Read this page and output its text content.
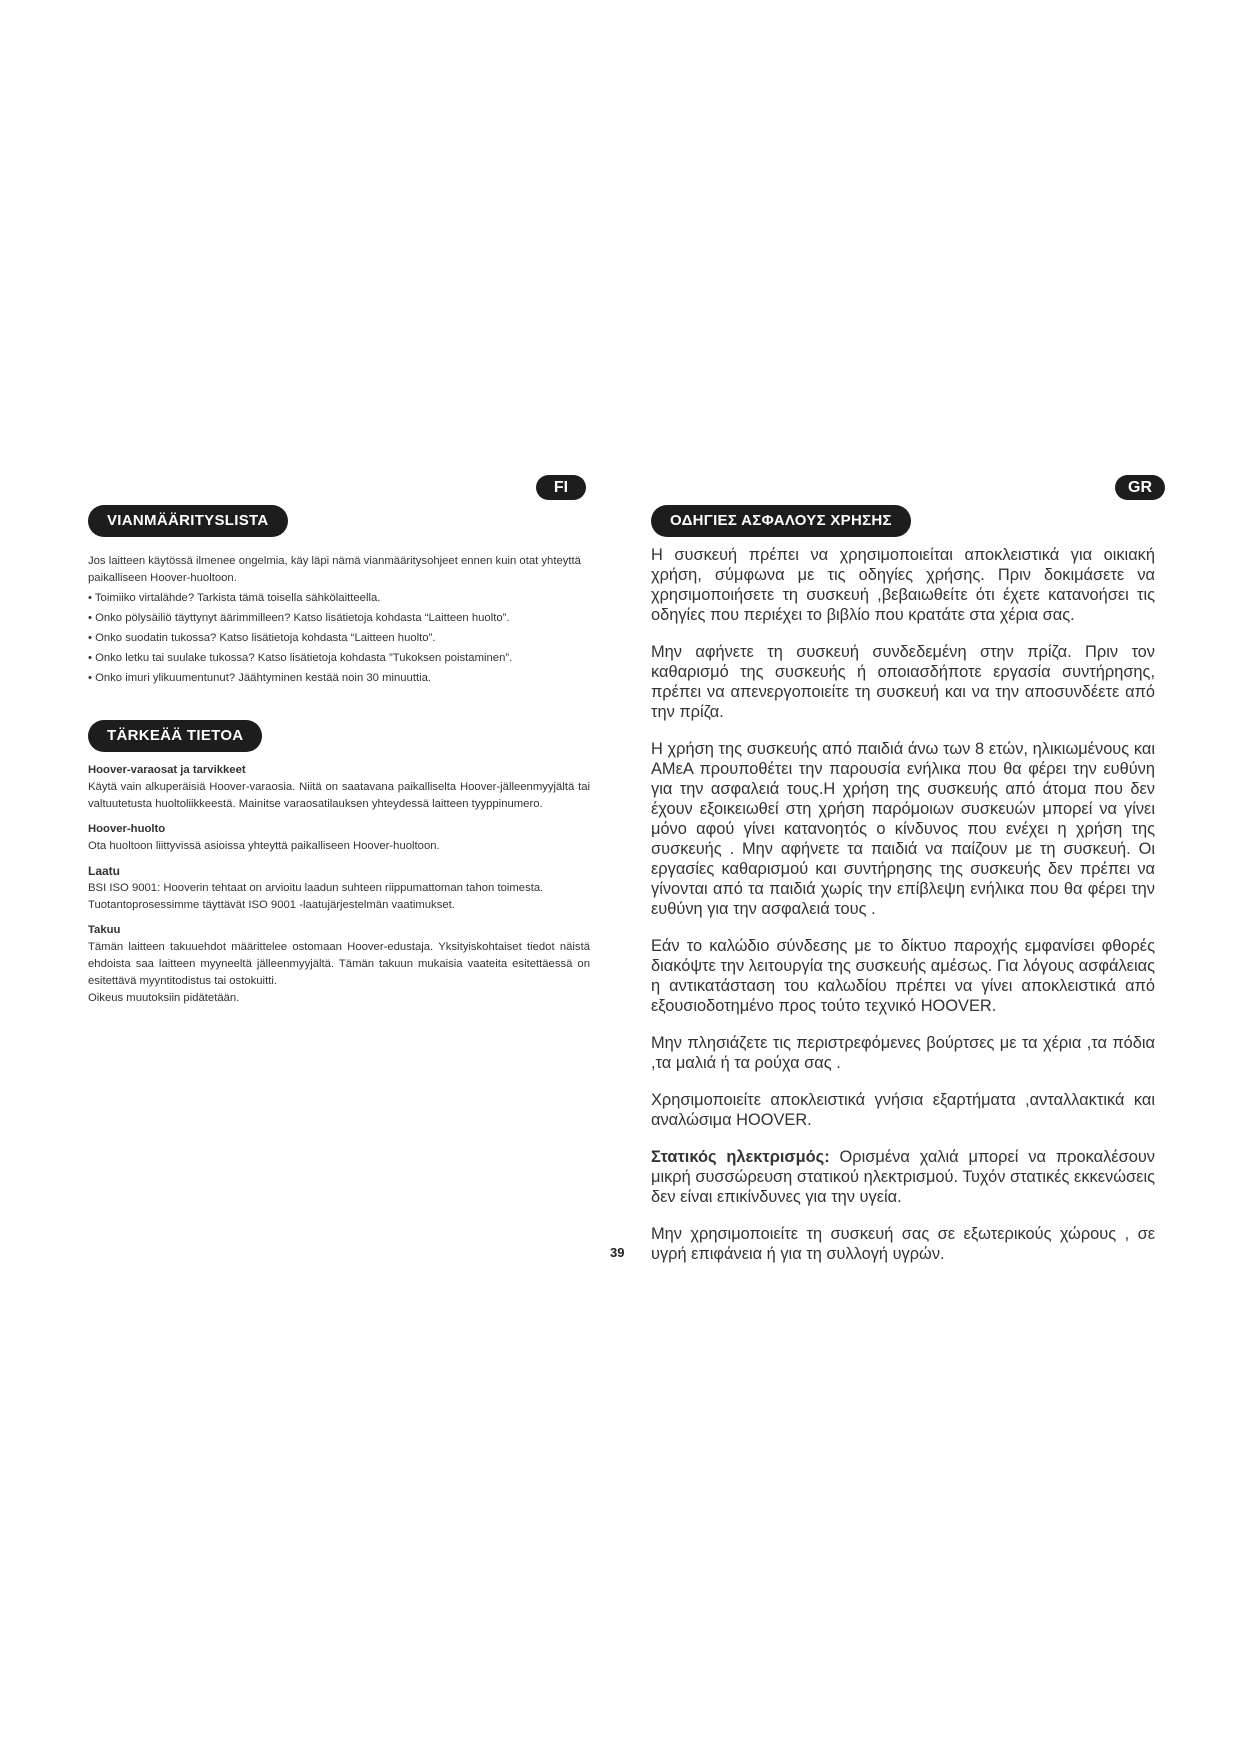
FI	GR
VIANMÄÄRITYSLISTA

Jos laitteen käytössä ilmenee ongelmia, käy läpi nämä vianmääritysohjeet ennen kuin otat yhteyttä paikalliseen Hoover-huoltoon.

• Toimiiko virtalähde? Tarkista tämä toisella sähkölaitteella.
• Onko pölysäiliö täyttynyt äärimmilleen? Katso lisätietoja kohdasta “Laitteen huolto”.
• Onko suodatin tukossa? Katso lisätietoja kohdasta “Laitteen huolto”.
• Onko letku tai suulake tukossa? Katso lisätietoja kohdasta ”Tukoksen poistaminen”.
• Onko imuri ylikuumentunut? Jäähtyminen kestää noin 30 minuuttia.
TÄRKEÄÄ TIETOA

Hoover-varaosat ja tarvikkeet

Käytä vain alkuperäisiä Hoover-varaosia. Niitä on saatavana paikalliselta Hoover-jälleenmyyjältä tai valtuutetusta huoltoliikkeestä. Mainitse varaosatilauksen yhteydessä laitteen tyyppinumero.

Hoover-huolto

Ota huoltoon liittyvissä asioissa yhteyttä paikalliseen Hoover-huoltoon.

Laatu

BSI ISO 9001: Hooverin tehtaat on arvioitu laadun suhteen riippumattoman tahon toimesta.

Tuotantoprosessimme täyttävät ISO 9001 -laatujärjestelmän vaatimukset.

Takuu

Tämän laitteen takuuehdot määrittelee ostomaan Hoover-edustaja. Yksityiskohtaiset tiedot näistä ehdoista saa laitteen myyneeltä jälleenmyyjältä. Tämän takuun mukaisia vaateita esitettäessä on esitettävä myyntitodistus tai ostokuitti.

Oikeus muutoksiin pidätetään.

ΟΔΗΓΙΕΣ ΑΣΦΑΛΟΥΣ ΧΡΗΣΗΣ

Η συσκευή πρέπει να χρησιμοποιείται αποκλειστικά για οικιακή χρήση, σύμφωνα με τις οδηγίες χρήσης. Πριν δοκιμάσετε να χρησιμοποιήσετε τη συσκευή ,βεβαιωθείτε ότι έχετε κατανοήσει τις οδηγίες που περιέχει το βιβλίο που κρατάτε στα χέρια σας.

Μην αφήνετε τη συσκευή συνδεδεμένη στην πρίζα. Πριν τον καθαρισμό της συσκευής ή οποιασδήποτε εργασία συντήρησης, πρέπει να απενεργοποιείτε τη συσκευή και να την αποσυνδέετε από την πρίζα.

Η χρήση της συσκευής από παιδιά άνω των 8 ετών, ηλικιωμένους και ΑΜεΑ προυποθέτει την παρουσία ενήλικα που θα φέρει την ευθύνη για την ασφαλειά τους.Η χρήση της συσκευής από άτομα που δεν έχουν εξοικειωθεί στη χρήση παρόμοιων συσκευών μπορεί να γίνει μόνο αφού γίνει κατανοητός ο κίνδυνος που ενέχει η χρήση της συσκευής . Μην αφήνετε τα παιδιά να παίζουν με τη συσκευή. Οι εργασίες καθαρισμού και συντήρησης της συσκευής δεν πρέπει να γίνονται από τα παιδιά χωρίς την επίβλεψη ενήλικα που θα φέρει την ευθύνη για την ασφαλειά τους .

Εάν το καλώδιο σύνδεσης με το δίκτυο παροχής εμφανίσει φθορές διακόψτε την λειτουργία της συσκευής αμέσως. Για λόγους ασφάλειας η αντικατάσταση του καλωδίου πρέπει να γίνει αποκλειστικά από εξουσιοδοτημένο προς τούτο τεχνικό HOOVER.

Μην πλησιάζετε τις περιστρεφόμενες βούρτσες με τα χέρια ,τα πόδια ,τα μαλιά ή τα ρούχα σας .

Χρησιμοποιείτε αποκλειστικά γνήσια εξαρτήματα ,ανταλλακτικά και αναλώσιμα HOOVER.

Στατικός ηλεκτρισμός: Ορισμένα χαλιά μπορεί να προκαλέσουν μικρή συσσώρευση στατικού ηλεκτρισμού. Τυχόν στατικές εκκενώσεις δεν είναι επικίνδυνες για την υγεία.

Μην χρησιμοποιείτε τη συσκευή σας σε εξωτερικούς χώρους , σε υγρή επιφάνεια ή για τη συλλογή υγρών.

39
